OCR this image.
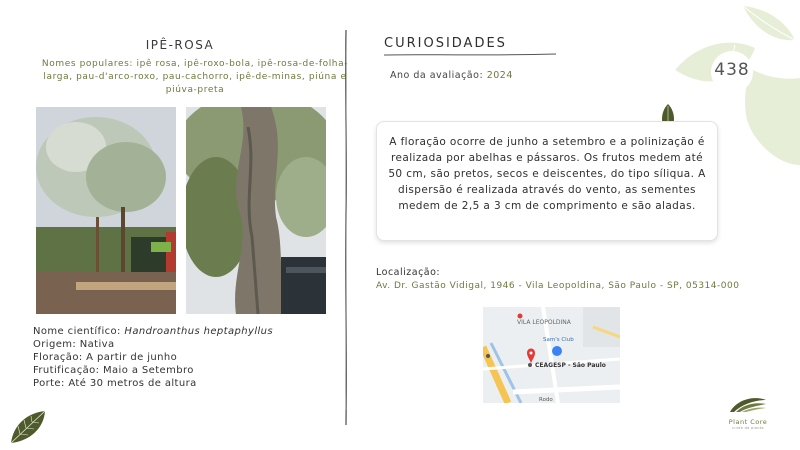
438
IPÊ-ROSA
Nomes populares: ipê rosa, ipê-roxo-bola, ipê-rosa-de-folha-larga, pau-d'arco-roxo, pau-cachorro, ipê-de-minas, piúna e piúva-preta
Nome científico: Handroanthus heptaphyllus
Origem: Nativa
Floração: A partir de junho
Frutificação: Maio a Setembro
Porte: Até 30 metros de altura
CURIOSIDADES
Ano da avaliação: 2024
A floração ocorre de junho a setembro e a polinização é realizada por abelhas e pássaros. Os frutos medem até 50 cm, são pretos, secos e deiscentes, do tipo síliqua. A dispersão é realizada através do vento, as sementes medem de 2,5 a 3 cm de comprimento e são aladas.
Localização:
Av. Dr. Gastão Vidigal, 1946 - Vila Leopoldina, São Paulo - SP, 05314-000
VILA LEOPOLDINA
Sam's Club
CEAGESP - São Paulo
Rodo
Plant Core
cuide da planta
